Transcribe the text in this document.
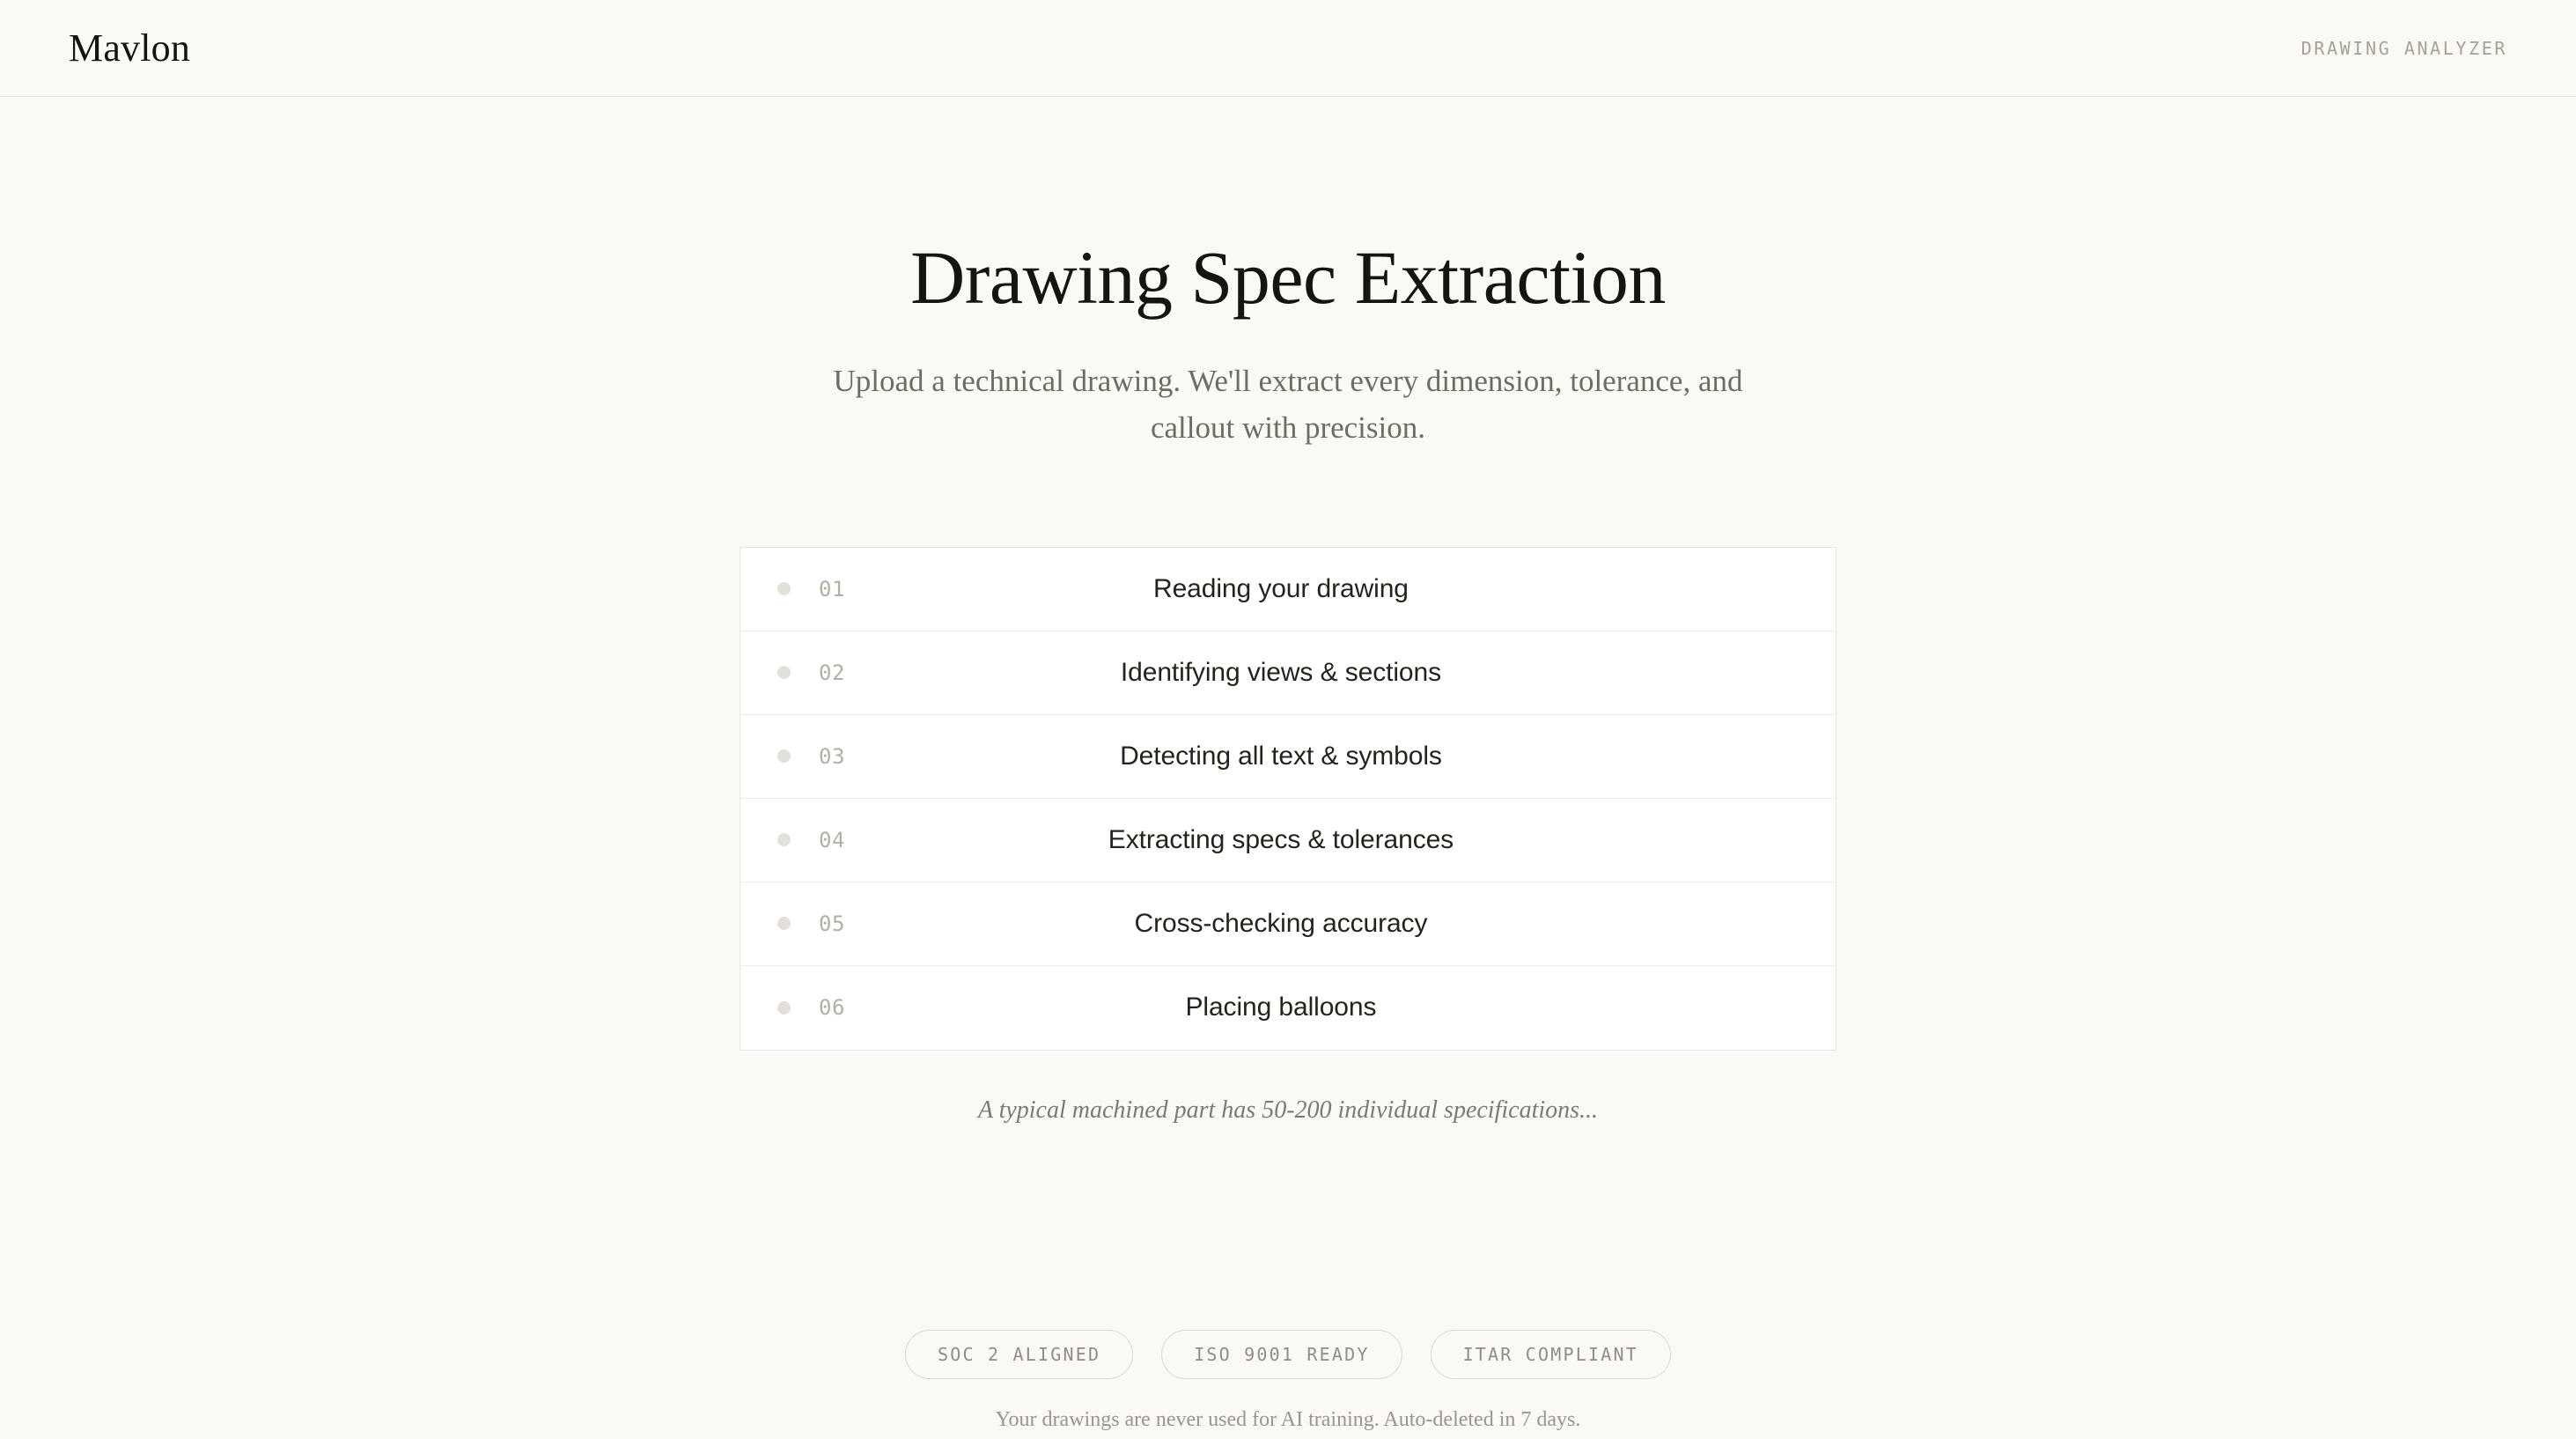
Mavlon	DRAWING ANALYZER
Drawing Spec Extraction

Upload a technical drawing. We'll extract every dimension, tolerance, and callout with precision.

01	Reading your drawing
02	Identifying views & sections
03	Detecting all text & symbols
04	Extracting specs & tolerances
05	Cross-checking accuracy
06	Placing balloons
A typical machined part has 50-200 individual specifications...
SOC 2 ALIGNED	ISO 9001 READY	ITAR COMPLIANT
Your drawings are never used for AI training. Auto-deleted in 7 days.
